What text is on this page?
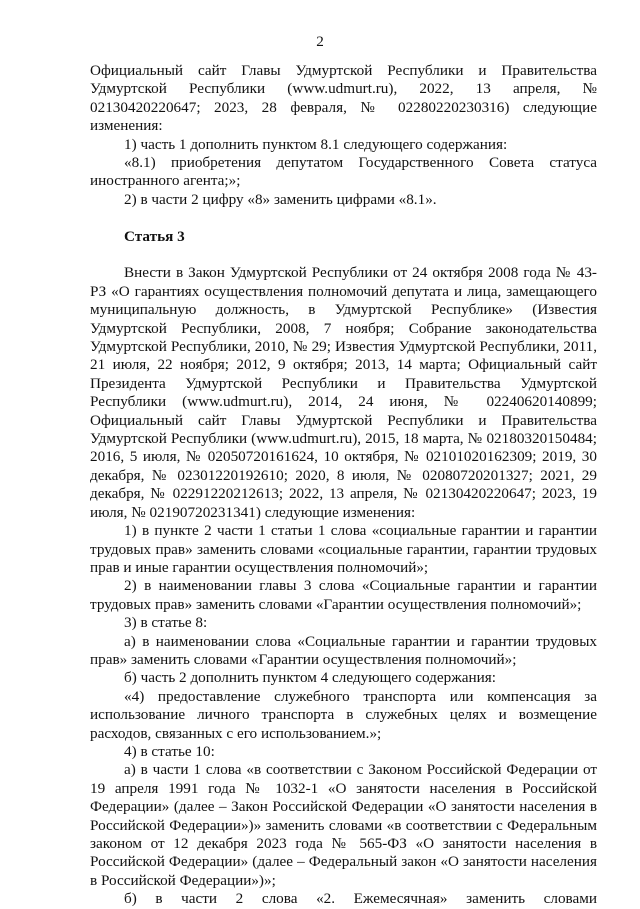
2

Официальный сайт Главы Удмуртской Республики и Правительства Удмуртской Республики (www.udmurt.ru), 2022, 13 апреля, № 02130420220647; 2023, 28 февраля, № 02280220230316) следующие изменения:

1) часть 1 дополнить пунктом 8.1 следующего содержания:

«8.1) приобретения депутатом Государственного Совета статуса иностранного агента;»;

2) в части 2 цифру «8» заменить цифрами «8.1».

Статья 3

Внести в Закон Удмуртской Республики от 24 октября 2008 года № 43-РЗ «О гарантиях осуществления полномочий депутата и лица, замещающего муниципальную должность, в Удмуртской Республике» (Известия Удмуртской Республики, 2008, 7 ноября; Собрание законодательства Удмуртской Республики, 2010, № 29; Известия Удмуртской Республики, 2011, 21 июля, 22 ноября; 2012, 9 октября; 2013, 14 марта; Официальный сайт Президента Удмуртской Республики и Правительства Удмуртской Республики (www.udmurt.ru), 2014, 24 июня, № 02240620140899; Официальный сайт Главы Удмуртской Республики и Правительства Удмуртской Республики (www.udmurt.ru), 2015, 18 марта, № 02180320150484; 2016, 5 июля, № 02050720161624, 10 октября, № 02101020162309; 2019, 30 декабря, № 02301220192610; 2020, 8 июля, № 02080720201327; 2021, 29 декабря, № 02291220212613; 2022, 13 апреля, № 02130420220647; 2023, 19 июля, № 02190720231341) следующие изменения:

1) в пункте 2 части 1 статьи 1 слова «социальные гарантии и гарантии трудовых прав» заменить словами «социальные гарантии, гарантии трудовых прав и иные гарантии осуществления полномочий»;

2) в наименовании главы 3 слова «Социальные гарантии и гарантии трудовых прав» заменить словами «Гарантии осуществления полномочий»;

3) в статье 8:

а) в наименовании слова «Социальные гарантии и гарантии трудовых прав» заменить словами «Гарантии осуществления полномочий»;

б) часть 2 дополнить пунктом 4 следующего содержания:

«4) предоставление служебного транспорта или компенсация за использование личного транспорта в служебных целях и возмещение расходов, связанных с его использованием.»;

4) в статье 10:

а) в части 1 слова «в соответствии с Законом Российской Федерации от 19 апреля 1991 года № 1032-1 «О занятости населения в Российской Федерации» (далее – Закон Российской Федерации «О занятости населения в Российской Федерации»)» заменить словами «в соответствии с Федеральным законом от 12 декабря 2023 года № 565-ФЗ «О занятости населения в Российской Федерации» (далее – Федеральный закон «О занятости населения в Российской Федерации»)»;

б) в части 2 слова «2. Ежемесячная» заменить словами
